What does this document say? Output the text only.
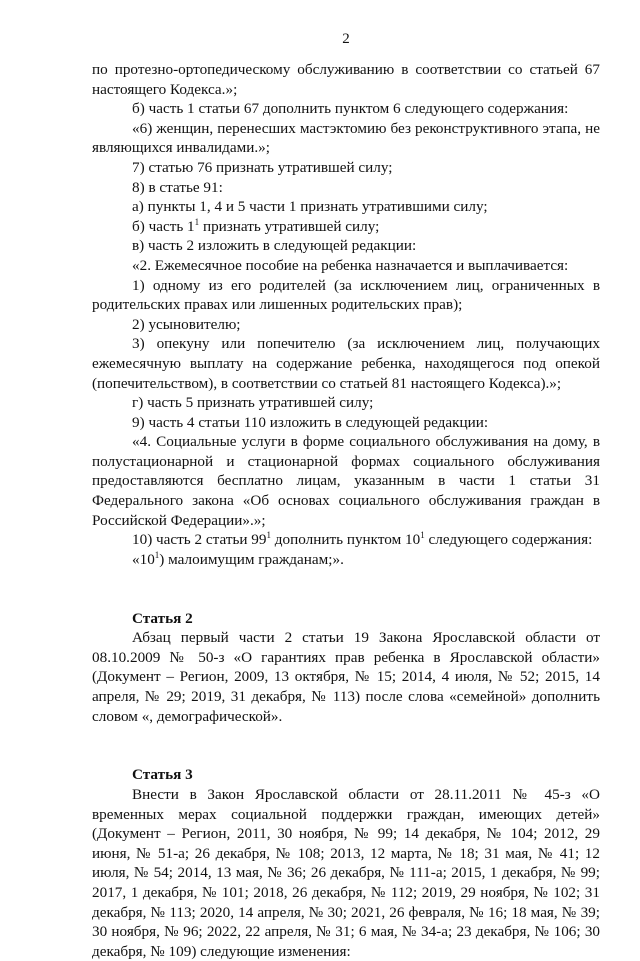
2

по протезно-ортопедическому обслуживанию в соответствии со статьей 67 настоящего Кодекса.»;

б) часть 1 статьи 67 дополнить пунктом 6 следующего содержания:

«6) женщин, перенесших мастэктомию без реконструктивного этапа, не являющихся инвалидами.»;

7) статью 76 признать утратившей силу;

8) в статье 91:

а) пункты 1, 4 и 5 части 1 признать утратившими силу;

б) часть $1^1$ признать утратившей силу;

в) часть 2 изложить в следующей редакции:

«2. Ежемесячное пособие на ребенка назначается и выплачивается:

1) одному из его родителей (за исключением лиц, ограниченных в родительских правах или лишенных родительских прав);

2) усыновителю;

3) опекуну или попечителю (за исключением лиц, получающих ежемесячную выплату на содержание ребенка, находящегося под опекой (попечительством), в соответствии со статьей 81 настоящего Кодекса).»;

г) часть 5 признать утратившей силу;

9) часть 4 статьи 110 изложить в следующей редакции:

«4. Социальные услуги в форме социального обслуживания на дому, в полустационарной и стационарной формах социального обслуживания предоставляются бесплатно лицам, указанным в части 1 статьи 31 Федерального закона «Об основах социального обслуживания граждан в Российской Федерации».»;

10) часть 2 статьи $99^1$ дополнить пунктом $10^1$ следующего содержания:

«$10^1$) малоимущим гражданам;».

Статья 2

Абзац первый части 2 статьи 19 Закона Ярославской области от 08.10.2009 № 50-з «О гарантиях прав ребенка в Ярославской области» (Документ – Регион, 2009, 13 октября, № 15; 2014, 4 июля, № 52; 2015, 14 апреля, № 29; 2019, 31 декабря, № 113) после слова «семейной» дополнить словом «, демографической».

Статья 3

Внести в Закон Ярославской области от 28.11.2011 № 45-з «О временных мерах социальной поддержки граждан, имеющих детей» (Документ – Регион, 2011, 30 ноября, № 99; 14 декабря, № 104; 2012, 29 июня, № 51-а; 26 декабря, № 108; 2013, 12 марта, № 18; 31 мая, № 41; 12 июля, № 54; 2014, 13 мая, № 36; 26 декабря, № 111-а; 2015, 1 декабря, № 99; 2017, 1 декабря, № 101; 2018, 26 декабря, № 112; 2019, 29 ноября, № 102; 31 декабря, № 113; 2020, 14 апреля, № 30; 2021, 26 февраля, № 16; 18 мая, № 39; 30 ноября, № 96; 2022, 22 апреля, № 31; 6 мая, № 34-а; 23 декабря, № 106; 30 декабря, № 109) следующие изменения:
